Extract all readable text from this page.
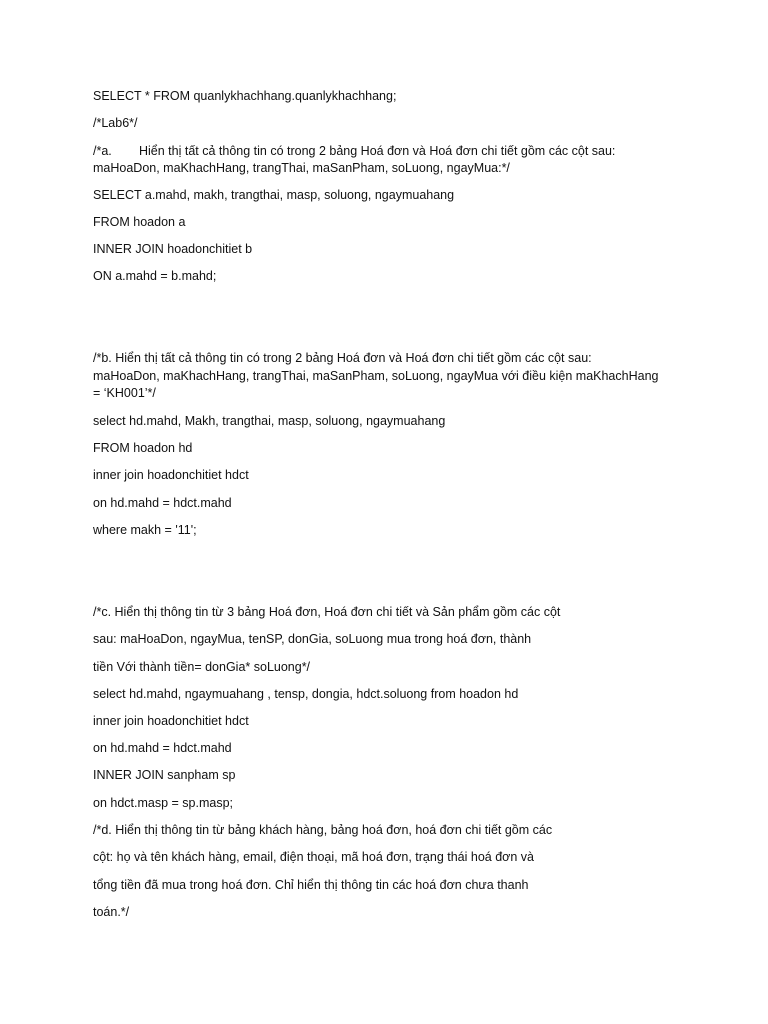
SELECT * FROM quanlykhachhang.quanlykhachhang;
/*Lab6*/
/*a. Hiển thị tất cả thông tin có trong 2 bảng Hoá đơn và Hoá đơn chi tiết gồm các cột sau:
maHoaDon, maKhachHang, trangThai, maSanPham, soLuong, ngayMua:*/
SELECT a.mahd, makh, trangthai, masp, soluong, ngaymuahang
FROM hoadon a
INNER JOIN hoadonchitiet b
ON a.mahd = b.mahd;
/*b. Hiển thị tất cả thông tin có trong 2 bảng Hoá đơn và Hoá đơn chi tiết gồm các cột sau:
maHoaDon, maKhachHang, trangThai, maSanPham, soLuong, ngayMua với điều kiện maKhachHang
= ‘KH001’*/
select hd.mahd, Makh, trangthai, masp, soluong, ngaymuahang
FROM hoadon hd
inner join hoadonchitiet hdct
on hd.mahd = hdct.mahd
where makh = '11';
/*c. Hiển thị thông tin từ 3 bảng Hoá đơn, Hoá đơn chi tiết và Sản phẩm gồm các cột
sau: maHoaDon, ngayMua, tenSP, donGia, soLuong mua trong hoá đơn, thành
tiền Với thành tiền= donGia* soLuong*/
select hd.mahd, ngaymuahang , tensp, dongia, hdct.soluong from hoadon hd
inner join hoadonchitiet hdct
on hd.mahd = hdct.mahd
INNER JOIN sanpham sp
on hdct.masp = sp.masp;
/*d. Hiển thị thông tin từ bảng khách hàng, bảng hoá đơn, hoá đơn chi tiết gồm các
cột: họ và tên khách hàng, email, điện thoại, mã hoá đơn, trạng thái hoá đơn và
tổng tiền đã mua trong hoá đơn. Chỉ hiển thị thông tin các hoá đơn chưa thanh
toán.*/
